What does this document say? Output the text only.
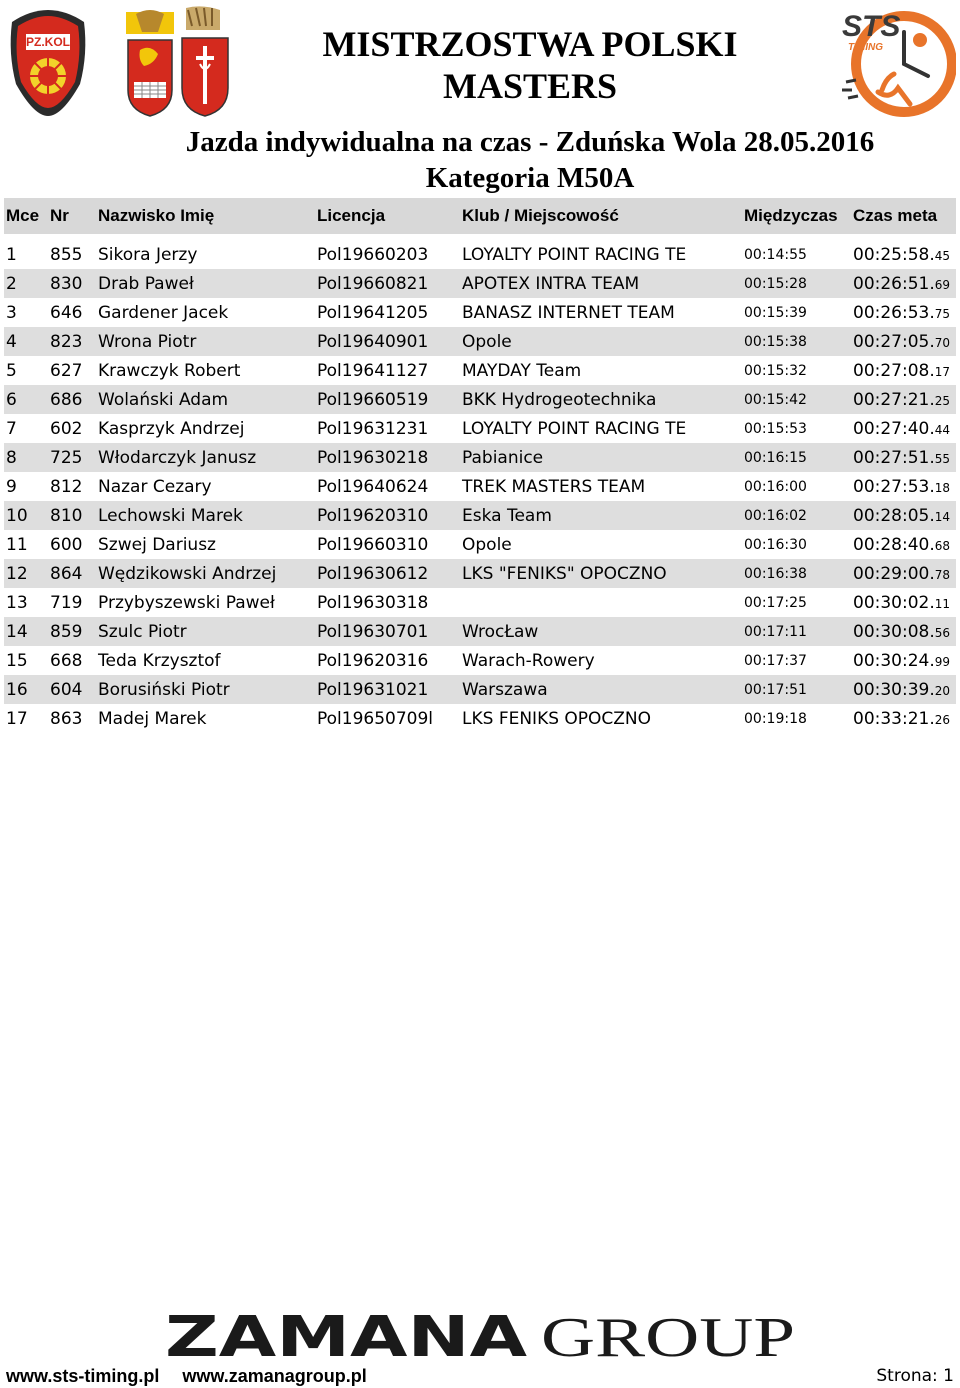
PZ.KOL	STS
TIMING
MISTRZOSTWA POLSKI
MASTERS
Jazda indywidualna na czas - Zduńska Wola 28.05.2016
Kategoria M50A
Mce	Nr	Nazwisko Imię	Licencja	Klub / Miejscowość	Międzyczas	Czas meta

1	855	Sikora Jerzy	Pol19660203	LOYALTY POINT RACING TE	00:14:55	00:25:58.45
2	830	Drab Paweł	Pol19660821	APOTEX INTRA TEAM	00:15:28	00:26:51.69
3	646	Gardener Jacek	Pol19641205	BANASZ INTERNET TEAM	00:15:39	00:26:53.75
4	823	Wrona Piotr	Pol19640901	Opole	00:15:38	00:27:05.70
5	627	Krawczyk Robert	Pol19641127	MAYDAY Team	00:15:32	00:27:08.17
6	686	Wolański Adam	Pol19660519	BKK Hydrogeotechnika	00:15:42	00:27:21.25
7	602	Kasprzyk Andrzej	Pol19631231	LOYALTY POINT RACING TE	00:15:53	00:27:40.44
8	725	Włodarczyk Janusz	Pol19630218	Pabianice	00:16:15	00:27:51.55
9	812	Nazar Cezary	Pol19640624	TREK MASTERS TEAM	00:16:00	00:27:53.18
10	810	Lechowski Marek	Pol19620310	Eska Team	00:16:02	00:28:05.14
11	600	Szwej Dariusz	Pol19660310	Opole	00:16:30	00:28:40.68
12	864	Wędzikowski Andrzej	Pol19630612	LKS "FENIKS" OPOCZNO	00:16:38	00:29:00.78
13	719	Przybyszewski Paweł	Pol19630318		00:17:25	00:30:02.11
14	859	Szulc Piotr	Pol19630701	WrocŁaw	00:17:11	00:30:08.56
15	668	Teda Krzysztof	Pol19620316	Warach-Rowery	00:17:37	00:30:24.99
16	604	Borusiński Piotr	Pol19631021	Warszawa	00:17:51	00:30:39.20
17	863	Madej Marek	Pol19650709l	LKS FENIKS OPOCZNO	00:19:18	00:33:21.26
ZAMANA GROUP
www.sts-timing.pl www.zamanagroup.pl	Strona: 1
